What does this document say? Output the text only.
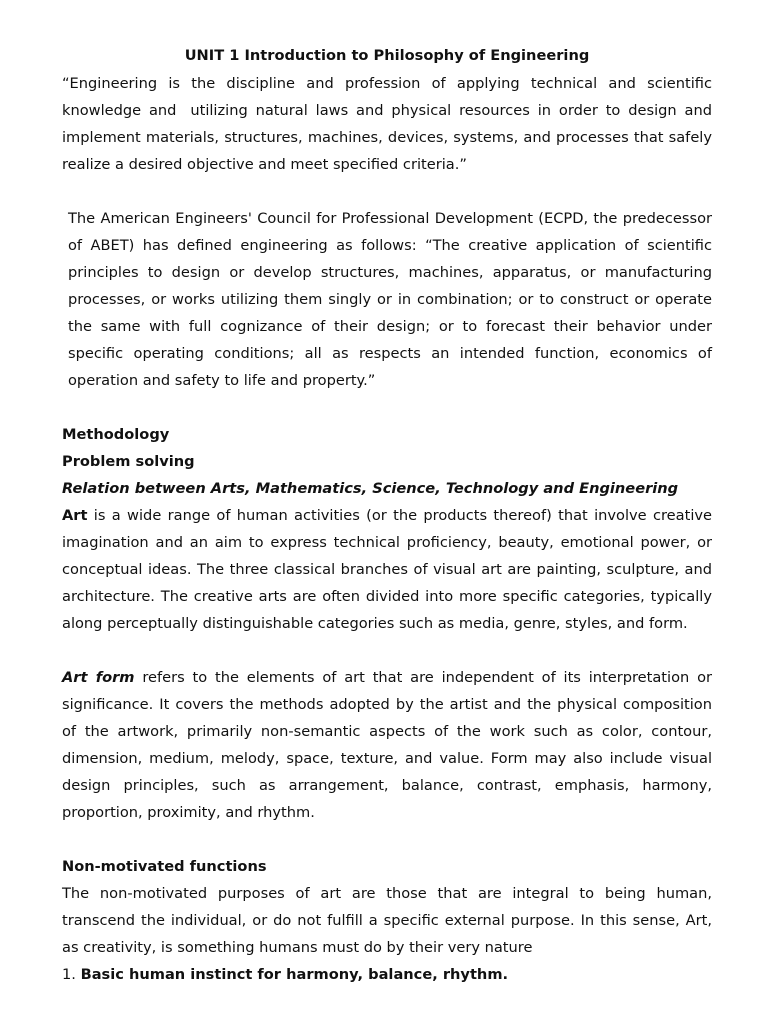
UNIT 1 Introduction to Philosophy of Engineering

“Engineering is the discipline and profession of applying technical and scientific knowledge and utilizing natural laws and physical resources in order to design and implement materials, structures, machines, devices, systems, and processes that safely realize a desired objective and meet specified criteria.”

The American Engineers' Council for Professional Development (ECPD, the predecessor of ABET) has defined engineering as follows: “The creative application of scientific principles to design or develop structures, machines, apparatus, or manufacturing processes, or works utilizing them singly or in combination; or to construct or operate the same with full cognizance of their design; or to forecast their behavior under specific operating conditions; all as respects an intended function, economics of operation and safety to life and property.”

Methodology

Problem solving

Relation between Arts, Mathematics, Science, Technology and Engineering

Art is a wide range of human activities (or the products thereof) that involve creative imagination and an aim to express technical proficiency, beauty, emotional power, or conceptual ideas. The three classical branches of visual art are painting, sculpture, and architecture. The creative arts are often divided into more specific categories, typically along perceptually distinguishable categories such as media, genre, styles, and form.

Art form refers to the elements of art that are independent of its interpretation or significance. It covers the methods adopted by the artist and the physical composition of the artwork, primarily non-semantic aspects of the work such as color, contour, dimension, medium, melody, space, texture, and value. Form may also include visual design principles, such as arrangement, balance, contrast, emphasis, harmony, proportion, proximity, and rhythm.

Non-motivated functions

The non-motivated purposes of art are those that are integral to being human, transcend the individual, or do not fulfill a specific external purpose. In this sense, Art, as creativity, is something humans must do by their very nature

1. Basic human instinct for harmony, balance, rhythm.
